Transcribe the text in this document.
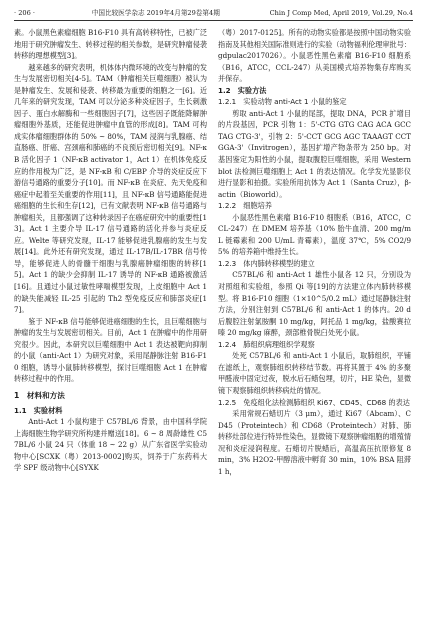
· 206 ·	中国比较医学杂志 2019年4月第29卷第4期	Chin J Comp Med, April 2019, Vol.29, No.4

素。小鼠黑色素瘤细胞 B16-F10 具有高转移特性，已被广泛地用于研究肿瘤发生、转移过程的相关参数，是研究肿瘤侵袭转移的理想模型[3]。

越来越多的研究表明，机体体内微环境的改变与肿瘤的发生与发展密切相关[4-5]。TAM（肿瘤相关巨噬细胞）被认为是肿瘤发生、发展和侵袭、转移最为重要的细胞之一[6]。近几年来的研究发现，TAM 可以分泌多种炎症因子，生长刺激因子、蛋白水解酶和一些细胞因子[7]，这些因子既能降解肿瘤细胞外基质，还能促进肿瘤中血管的形成[8]。TAM 可构成实体瘤细胞群体的 50% ~ 80%，TAM 浸润与乳腺癌、结直肠癌、肝癌、宫颈癌和肺癌的不良预后密切相关[9]。NF-κB 活化因子 1（NF-κB activator 1，Act 1）在机体免疫反应的作用极为广泛，是 NF-κB 和 C/EBP 介导的炎症反应下游信号通路的重要分子[10]。而 NF-κB 在炎症、先天免疫和癌症中起着至关重要的作用[11]，且 NF-κB 信号通路能促进癌细胞的生长和生存[12]，已有文献表明 NF-κB 信号通路与肿瘤相关，且都强调了这种转录因子在癌症研究中的重要性[13]。Act 1 主要介导 IL-17 信号通路的活化并参与炎症反应。Welte 等研究发现，IL-17 能够促进乳腺癌的发生与发展[14]。此外还有研究发现，通过 IL-17B/IL-17BR 信号传导，能够促进人的骨髓干细胞与乳腺癌肿瘤细胞的转移[15]。Act 1 的缺少会抑制 IL-17 诱导的 NF-κB 通路被激活[16]。且通过小鼠过敏性哮喘模型发现，上皮细胞中 Act 1 的缺失能减轻 IL-25 引起的 Th2 型免疫反应和肺部炎症[17]。

鉴于 NF-κB 信号能够促进癌细胞的生长，且巨噬细胞与肿瘤的发生与发展密切相关。目前，Act 1 在肿瘤中的作用研究很少。因此，本研究以巨噬细胞中 Act 1 表达被靶向抑制的小鼠（anti-Act 1）为研究对象，采用尾静脉注射 B16-F10 细胞，诱导小鼠肺转移模型，探讨巨噬细胞 Act 1 在肿瘤转移过程中的作用。

1　材料和方法
1.1　实验材料

Anti-Act 1 小鼠构建于 C57BL/6 背景，由中国科学院上海细胞生物学研究所构建并赠送[18]。6 ~ 8 周龄雄性 C57BL/6 小鼠 24 只（体重 18 ~ 22 g）从广东省医学实验动物中心[SCXK（粤）2013-0002]购买，饲养于广东药科大学 SPF 级动物中心[SYXK

（粤）2017-0125]。所有的动物实验都是按照中国动物实验指南及其他相关国际准则进行的实验（动物福利伦理审批号：gdpulac2017026）。小鼠恶性黑色素瘤 B16-F10 细胞系（B16，ATCC，CCL-247）从美国模式培养物集存库购买并保存。

1.2　实验方法
1.2.1　实验动物 anti-Act 1 小鼠的鉴定

剪取 anti-Act 1 小鼠的尾部，提取 DNA，PCR 扩增目的片段基因，PCR 引物 1：5'-CTG GTG CAG ACA GCC TAG CTG-3'，引物 2：5'-CCT GCG AGC TAAAGT CCT GGA-3'（Invitrogen），基因扩增产物条带为 250 bp。对基因鉴定为阳性的小鼠，提取腹腔巨噬细胞，采用 Western blot 法检测巨噬细胞上 Act 1 的表达情况。化学发光显影仪进行显影和拍摄。实验所用抗体为 Act 1（Santa Cruz），β-actin（Bioworld）。

1.2.2　细胞培养

小鼠恶性黑色素瘤 B16-F10 细胞系（B16，ATCC，CCL-247）在 DMEM 培养基（10% 胎牛血清、200 mg/mL 链霉素和 200 U/mL 青霉素），温度 37℃，5% CO2/95% 的培养箱中维持生长。

1.2.3　体内肺转移模型的建立

C57BL/6 和 anti-Act 1 雄性小鼠各 12 只，分别设为对照组和实验组，参照 Qi 等[19]的方法建立体内肺转移模型。将 B16-F10 细胞（1×10^5/0.2 mL）通过尾静脉注射方法，分别注射到 C57BL/6 和 anti-Act 1 的体内。20 d 后腹腔注射氯胺酮 10 mg/kg，阿托品 1 mg/kg，盐酸赛拉嗪 20 mg/kg 麻醉，颈部椎骨脱臼处死小鼠。

1.2.4　肺组织病理组织学观察

处死 C57BL/6 和 anti-Act 1 小鼠后，取肺组织，平铺在滤纸上，观察肺组织转移结节数。再将其置于 4% 的多聚甲醛液中固定过夜，脱水后石蜡包埋，切片，HE 染色，显微镜下观察肺组织转移病灶的情况。

1.2.5　免疫组化法检测肺组织 Ki67、CD45、CD68 的表达

采用常规石蜡切片（3 μm），通过 Ki67（Abcam）、CD45（Proteintech）和 CD68（Proteintech）对肺、肺转移灶部位进行特异性染色，显微镜下观察肿瘤细胞的增殖情况和炎症浸润程度。石蜡切片脱蜡后，高温高压抗原修复 8 min，3% H2O2-甲醇溶液中孵育 30 min，10% BSA 阻滞 1 h，
